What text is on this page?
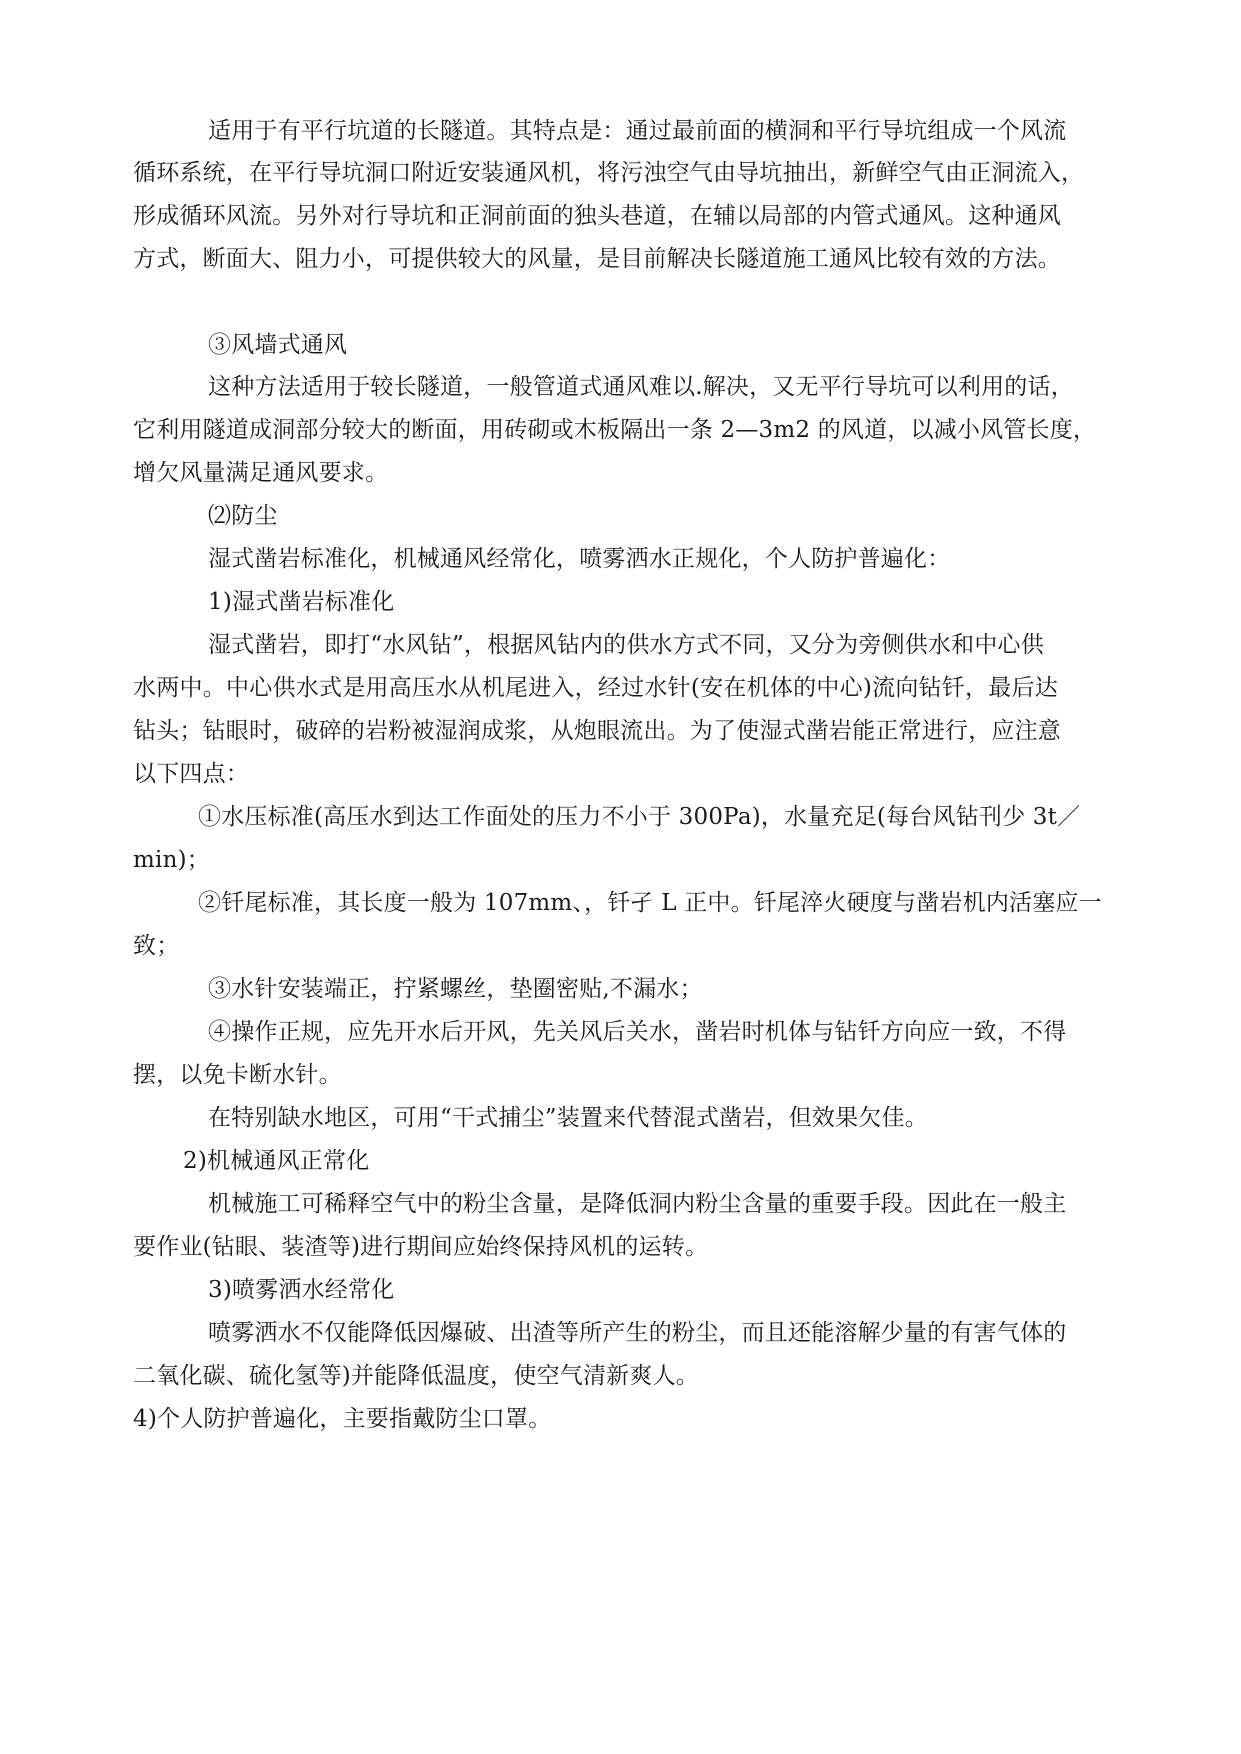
适用于有平行坑道的长隧道。其特点是：通过最前面的横洞和平行导坑组成一个风流
循环系统，在平行导坑洞口附近安装通风机，将污浊空气由导坑抽出，新鲜空气由正洞流入，
形成循环风流。另外对行导坑和正洞前面的独头巷道，在辅以局部的内管式通风。这种通风
方式，断面大、阻力小，可提供较大的风量，是目前解决长隧道施工通风比较有效的方法。
③风墙式通风
这种方法适用于较长隧道，一般管道式通风难以.解决，又无平行导坑可以利用的话，
它利用隧道成洞部分较大的断面，用砖砌或木板隔出一条 2—3m2 的风道，以减小风管长度，
增欠风量满足通风要求。
⑵防尘
湿式凿岩标准化，机械通风经常化，喷雾洒水正规化，个人防护普遍化：
1)湿式凿岩标准化
湿式凿岩，即打“水风钻”，根据风钻内的供水方式不同，又分为旁侧供水和中心供
水两中。中心供水式是用高压水从机尾进入，经过水针(安在机体的中心)流向钻钎，最后达
钻头；钻眼时，破碎的岩粉被湿润成浆，从炮眼流出。为了使湿式凿岩能正常进行，应注意
以下四点：
①水压标准(高压水到达工作面处的压力不小于 300Pa)，水量充足(每台风钻刊少 3t／
min)；
②钎尾标准，其长度一般为 107mm、，钎孑 L 正中。钎尾淬火硬度与凿岩机内活塞应一
致；
③水针安装端正，拧紧螺丝，垫圈密贴,不漏水；
④操作正规，应先开水后开风，先关风后关水，凿岩时机体与钻钎方向应一致，不得
摆，以免卡断水针。
在特别缺水地区，可用“干式捕尘”装置来代替混式凿岩，但效果欠佳。
2)机械通风正常化
机械施工可稀释空气中的粉尘含量，是降低洞内粉尘含量的重要手段。因此在一般主
要作业(钻眼、装渣等)进行期间应始终保持风机的运转。
3)喷雾洒水经常化
喷雾洒水不仅能降低因爆破、出渣等所产生的粉尘，而且还能溶解少量的有害气体的
二氧化碳、硫化氢等)并能降低温度，使空气清新爽人。
4)个人防护普遍化，主要指戴防尘口罩。
